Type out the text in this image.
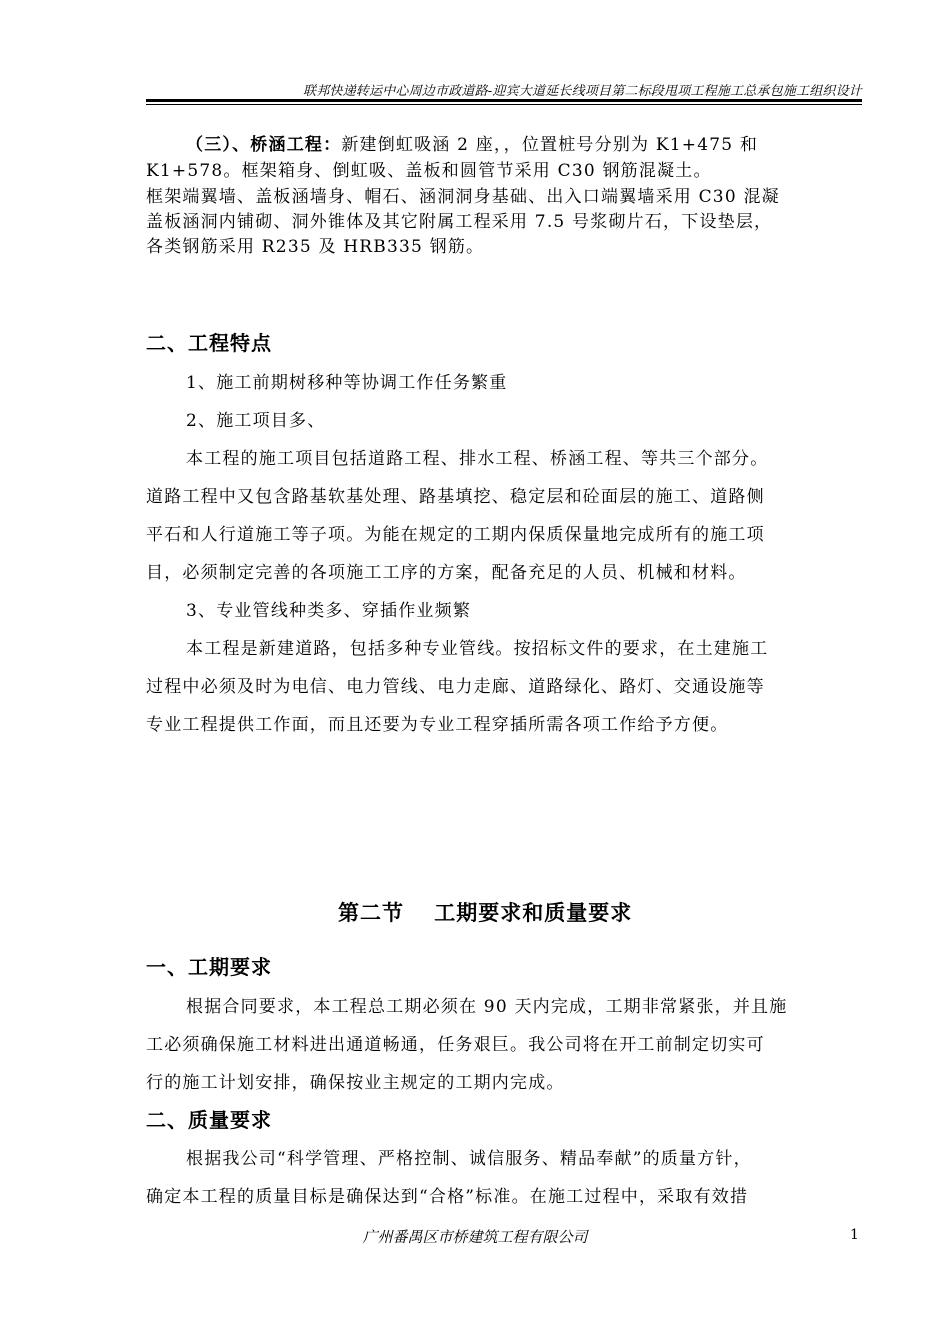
联邦快递转运中心周边市政道路-迎宾大道延长线项目第二标段甩项工程施工总承包施工组织设计
（三）、桥涵工程：新建倒虹吸涵 2 座，，位置桩号分别为 K1+475 和
K1+578。框架箱身、倒虹吸、盖板和圆管节采用 C30 钢筋混凝土。
框架端翼墙、盖板涵墙身、帽石、涵洞洞身基础、出入口端翼墙采用 C30 混凝
盖板涵洞内铺砌、洞外锥体及其它附属工程采用 7.5 号浆砌片石，下设垫层，
各类钢筋采用 R235 及 HRB335 钢筋。
二、工程特点
1、施工前期树移种等协调工作任务繁重
2、施工项目多、
本工程的施工项目包括道路工程、排水工程、桥涵工程、等共三个部分。
道路工程中又包含路基软基处理、路基填挖、稳定层和砼面层的施工、道路侧
平石和人行道施工等子项。为能在规定的工期内保质保量地完成所有的施工项
目，必须制定完善的各项施工工序的方案，配备充足的人员、机械和材料。
3、专业管线种类多、穿插作业频繁
本工程是新建道路，包括多种专业管线。按招标文件的要求，在土建施工
过程中必须及时为电信、电力管线、电力走廊、道路绿化、路灯、交通设施等
专业工程提供工作面，而且还要为专业工程穿插所需各项工作给予方便。
第二节　 工期要求和质量要求
一、工期要求
根据合同要求，本工程总工期必须在 90 天内完成，工期非常紧张，并且施
工必须确保施工材料进出通道畅通，任务艰巨。我公司将在开工前制定切实可
行的施工计划安排，确保按业主规定的工期内完成。
二、质量要求
根据我公司“科学管理、严格控制、诚信服务、精品奉献”的质量方针，
确定本工程的质量目标是确保达到“合格”标准。在施工过程中，采取有效措
广州番禺区市桥建筑工程有限公司	1
